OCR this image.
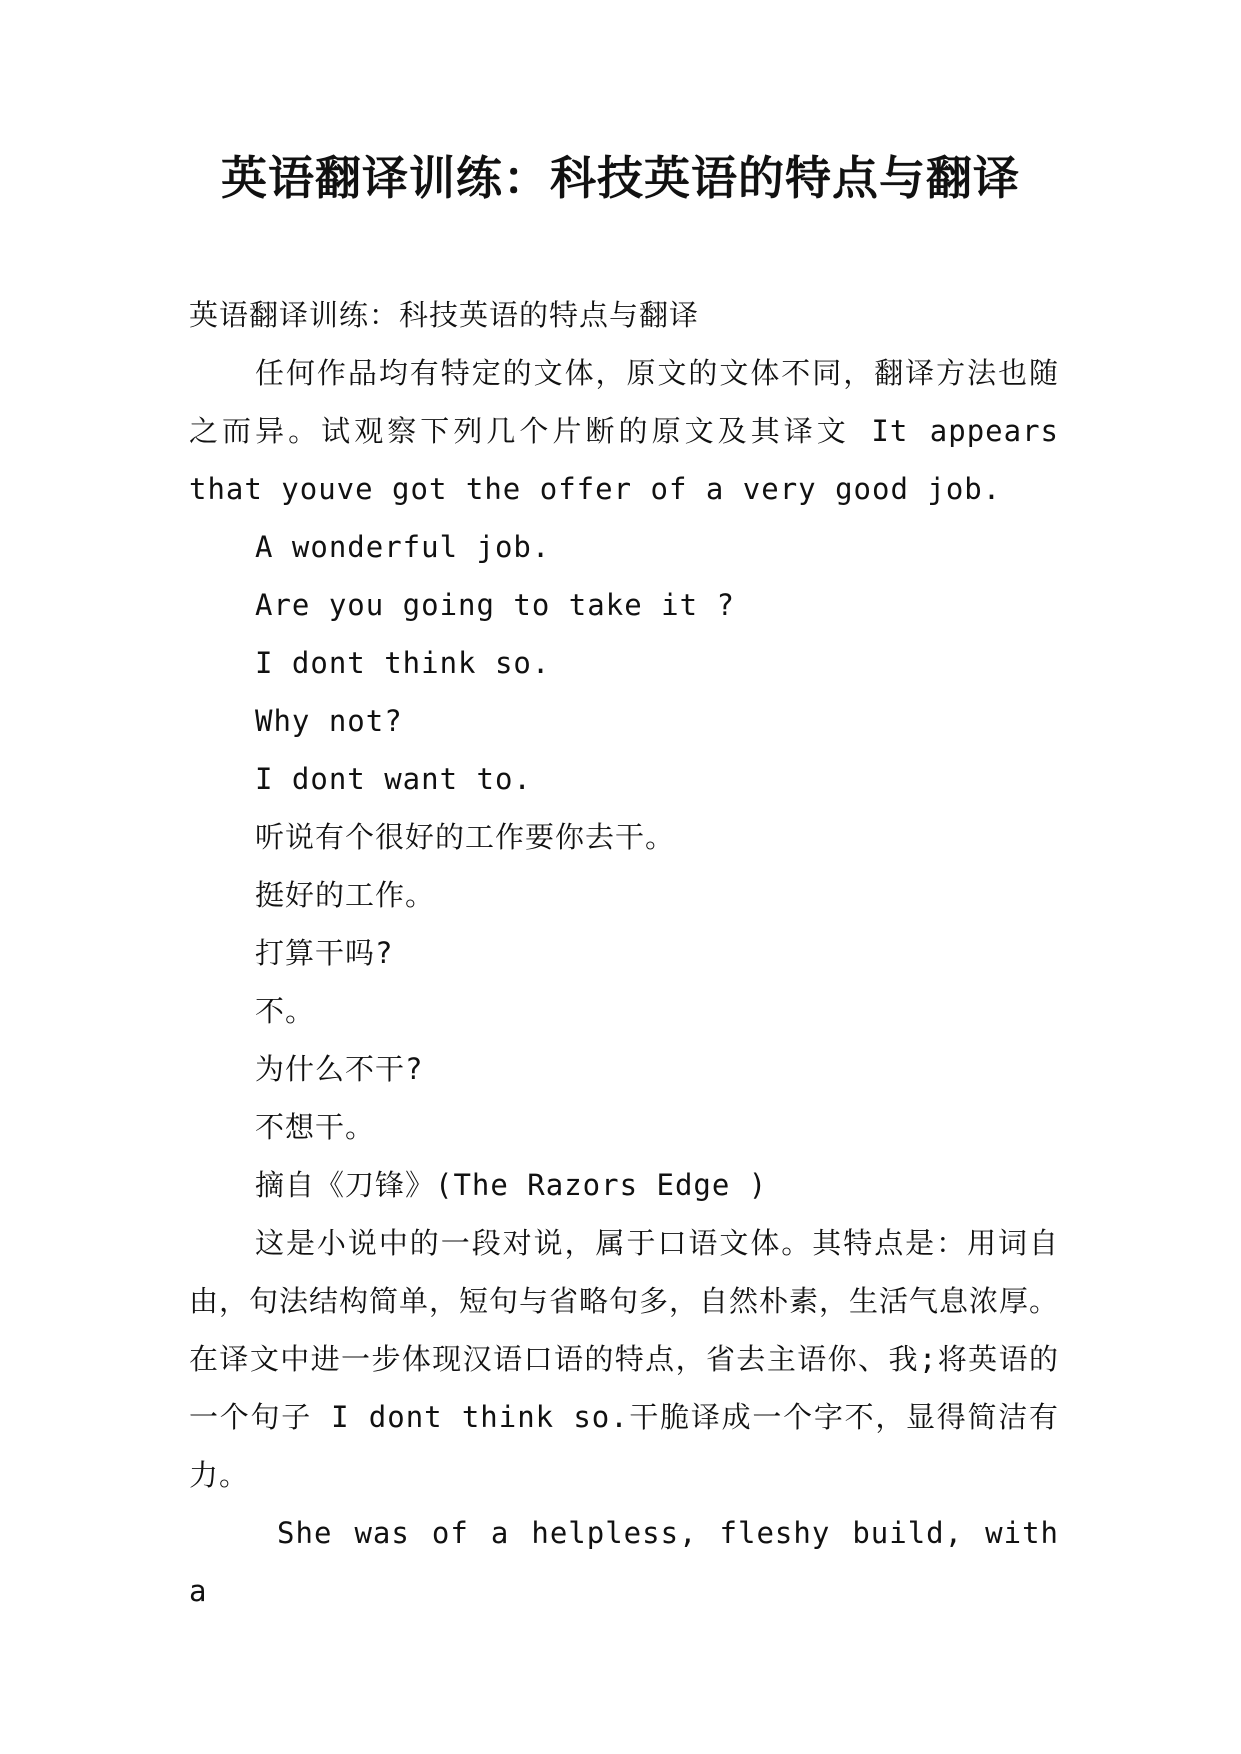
英语翻译训练：科技英语的特点与翻译

英语翻译训练：科技英语的特点与翻译

任何作品均有特定的文体，原文的文体不同，翻译方法也随之而异。试观察下列几个片断的原文及其译文 It appears that youve got the offer of a very good job.

A wonderful job.

Are you going to take it ?

I dont think so.

Why not?

I dont want to.

听说有个很好的工作要你去干。

挺好的工作。

打算干吗?

不。

为什么不干?

不想干。

摘自《刀锋》(The Razors Edge )

这是小说中的一段对说，属于口语文体。其特点是：用词自由，句法结构简单，短句与省略句多，自然朴素，生活气息浓厚。在译文中进一步体现汉语口语的特点，省去主语你、我;将英语的一个句子 I dont think so.干脆译成一个字不，显得简洁有力。

She was of a helpless, fleshy build, with a
